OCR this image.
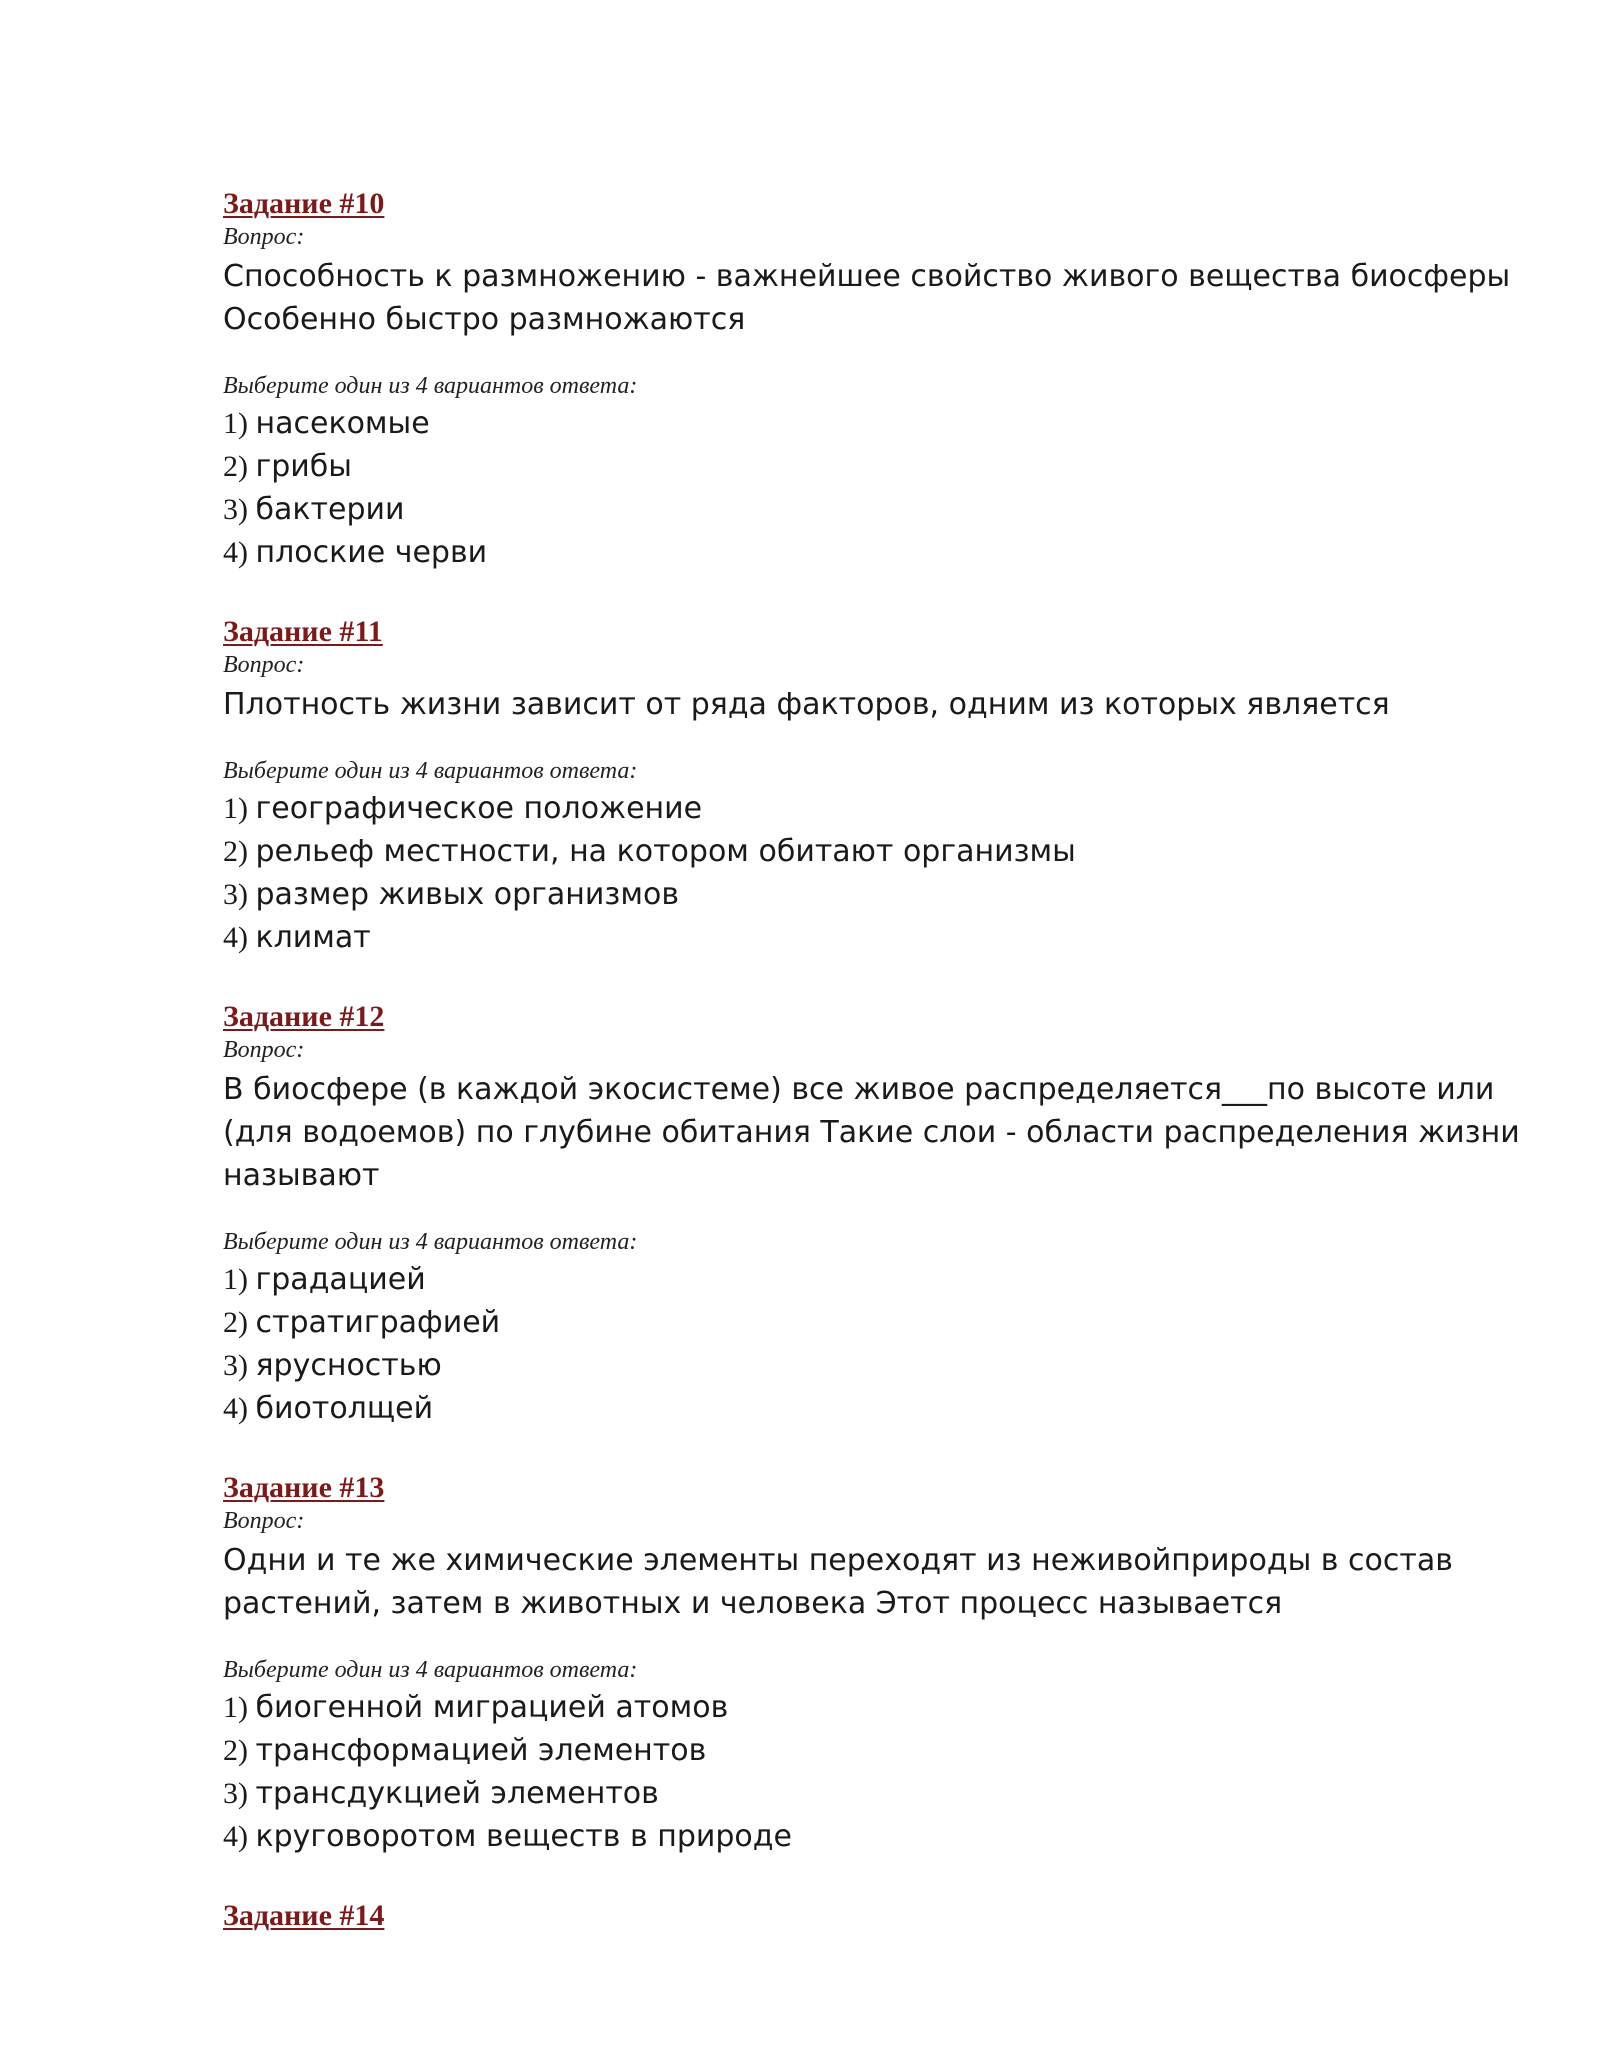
Задание #10

Вопрос:

Способность к размножению - важнейшее свойство живого вещества биосферы
Особенно быстро размножаются

Выберите один из 4 вариантов ответа:

1) насекомые
2) грибы
3) бактерии
4) плоские черви
Задание #11

Вопрос:

Плотность жизни зависит от ряда факторов, одним из которых является

Выберите один из 4 вариантов ответа:

1) географическое положение
2) рельеф местности, на котором обитают организмы
3) размер живых организмов
4) климат
Задание #12

Вопрос:

В биосфере (в каждой экосистеме) все живое распределяется___по высоте или
(для водоемов) по глубине обитания Такие слои - области распределения жизни
называют

Выберите один из 4 вариантов ответа:

1) градацией
2) стратиграфией
3) ярусностью
4) биотолщей
Задание #13

Вопрос:

Одни и те же химические элементы переходят из неживойприроды в состав
растений, затем в животных и человека Этот процесс называется

Выберите один из 4 вариантов ответа:

1) биогенной миграцией атомов
2) трансформацией элементов
3) трансдукцией элементов
4) круговоротом веществ в природе
Задание #14
